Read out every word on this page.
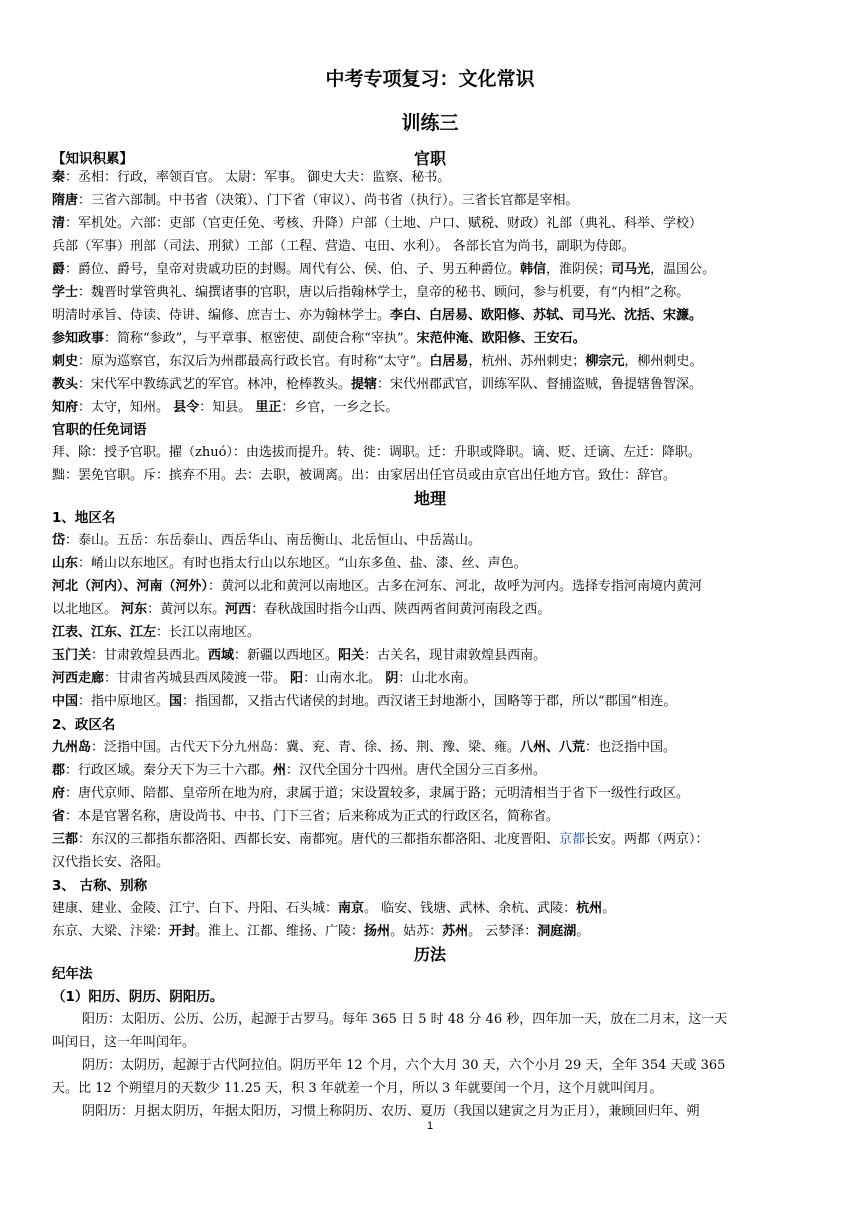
中考专项复习：文化常识
训练三
【知识积累】	官职
秦：丞相：行政，率领百官。 太尉：军事。 御史大夫：监察、秘书。
隋唐：三省六部制。中书省（决策）、门下省（审议）、尚书省（执行）。三省长官都是宰相。
清：军机处。六部：吏部（官吏任免、考核、升降）户部（土地、户口、赋税、财政）礼部（典礼、科举、学校）
兵部（军事）刑部（司法、刑狱）工部（工程、营造、屯田、水利）。 各部长官为尚书，副职为侍郎。
爵：爵位、爵号，皇帝对贵戚功臣的封赐。周代有公、侯、伯、子、男五种爵位。韩信，淮阴侯；司马光，温国公。
学士：魏晋时掌管典礼、编撰诸事的官职，唐以后指翰林学士，皇帝的秘书、顾问，参与机要，有“内相”之称。
明清时承旨、侍读、侍讲、编修、庶吉士、亦为翰林学士。李白、白居易、欧阳修、苏轼、司马光、沈括、宋濂。
参知政事：简称“参政”，与平章事、枢密使、副使合称“宰执”。宋范仲淹、欧阳修、王安石。
刺史：原为巡察官，东汉后为州郡最高行政长官。有时称“太守”。白居易，杭州、苏州刺史；柳宗元，柳州刺史。
教头：宋代军中教练武艺的军官。林冲，枪棒教头。提辖：宋代州郡武官，训练军队、督捕盗贼，鲁提辖鲁智深。
知府：太守，知州。 县令：知县。 里正：乡官，一乡之长。
官职的任免词语
拜、除：授予官职。擢（zhuó）：由选拔而提升。转、徙：调职。迁：升职或降职。谪、贬、迁谪、左迁：降职。
黜：罢免官职。斥：摈弃不用。去：去职，被调离。出：由家居出任官员或由京官出任地方官。致仕：辞官。
地理
1、地区名
岱：泰山。五岳：东岳泰山、西岳华山、南岳衡山、北岳恒山、中岳嵩山。
山东：崤山以东地区。有时也指太行山以东地区。“山东多鱼、盐、漆、丝、声色。
河北（河内）、河南（河外）：黄河以北和黄河以南地区。古多在河东、河北，故呼为河内。选择专指河南境内黄河
以北地区。 河东：黄河以东。河西：春秋战国时指今山西、陕西两省间黄河南段之西。
江表、江东、江左：长江以南地区。
玉门关：甘肃敦煌县西北。西域：新疆以西地区。阳关：古关名，现甘肃敦煌县西南。
河西走廊：甘肃省芮城县西凤陵渡一带。 阳：山南水北。 阴：山北水南。
中国：指中原地区。国：指国都，又指古代诸侯的封地。西汉诸王封地渐小，国略等于郡，所以“郡国”相连。
2、政区名
九州岛：泛指中国。古代天下分九州岛：冀、兖、青、徐、扬、荆、豫、梁、雍。八州、八荒：也泛指中国。
郡：行政区域。秦分天下为三十六郡。州：汉代全国分十四州。唐代全国分三百多州。
府：唐代京师、陪都、皇帝所在地为府，隶属于道；宋设置较多，隶属于路；元明清相当于省下一级性行政区。
省：本是官署名称，唐设尚书、中书、门下三省；后来称成为正式的行政区名，简称省。
三都：东汉的三都指东都洛阳、西都长安、南都宛。唐代的三都指东都洛阳、北度晋阳、京都长安。两都（两京）：
汉代指长安、洛阳。
3、 古称、别称
建康、建业、金陵、江宁、白下、丹阳、石头城：南京。 临安、钱塘、武林、余杭、武陵：杭州。
东京、大梁、汴梁：开封。淮上、江都、维扬、广陵：扬州。姑苏：苏州。 云梦泽：洞庭湖。
历法
纪年法
（1）阳历、阴历、阴阳历。
阳历：太阳历、公历、公历，起源于古罗马。每年 365 日 5 时 48 分 46 秒，四年加一天，放在二月末，这一天
叫闰日，这一年叫闰年。
阴历：太阴历，起源于古代阿拉伯。阴历平年 12 个月，六个大月 30 天，六个小月 29 天，全年 354 天或 365
天。比 12 个朔望月的天数少 11.25 天，积 3 年就差一个月，所以 3 年就要闰一个月，这个月就叫闰月。
阴阳历：月据太阴历，年据太阳历，习惯上称阴历、农历、夏历（我国以建寅之月为正月），兼顾回归年、朔
1
